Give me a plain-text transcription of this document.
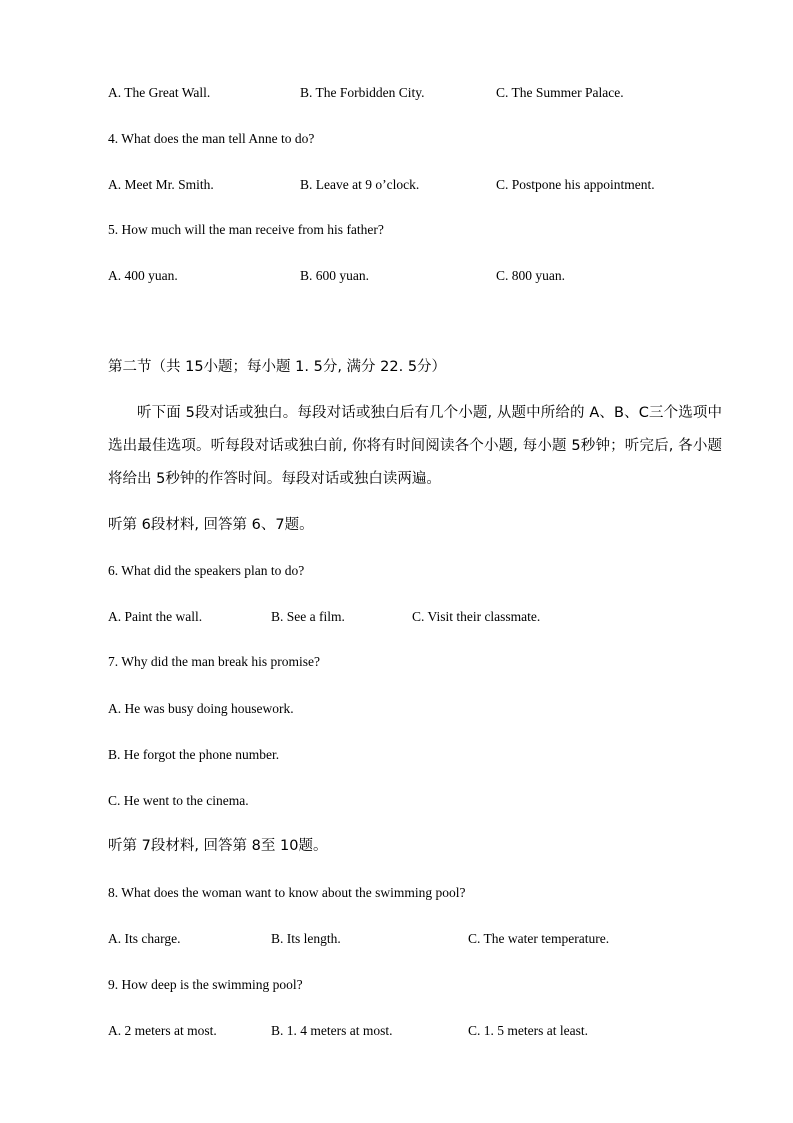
A. The Great Wall.	B. The Forbidden City.	C. The Summer Palace.
4. What does the man tell Anne to do?
A. Meet Mr. Smith.	B. Leave at 9 o’clock.	C. Postpone his appointment.
5. How much will the man receive from his father?
A. 400 yuan.	B. 600 yuan.	C. 800 yuan.
第二节（共 15小题；每小题 1. 5分, 满分 22. 5分）
听下面 5段对话或独白。每段对话或独白后有几个小题, 从题中所给的 A、B、C三个选项中选出最佳选项。听每段对话或独白前, 你将有时间阅读各个小题, 每小题 5秒钟；听完后, 各小题将给出 5秒钟的作答时间。每段对话或独白读两遍。
听第 6段材料, 回答第 6、7题。
6. What did the speakers plan to do?
A. Paint the wall.	B. See a film.	C. Visit their classmate.
7. Why did the man break his promise?
A. He was busy doing housework.
B. He forgot the phone number.
C. He went to the cinema.
听第 7段材料, 回答第 8至 10题。
8. What does the woman want to know about the swimming pool?
A. Its charge.	B. Its length.	C. The water temperature.
9. How deep is the swimming pool?
A. 2 meters at most.	B. 1. 4 meters at most.	C. 1. 5 meters at least.
